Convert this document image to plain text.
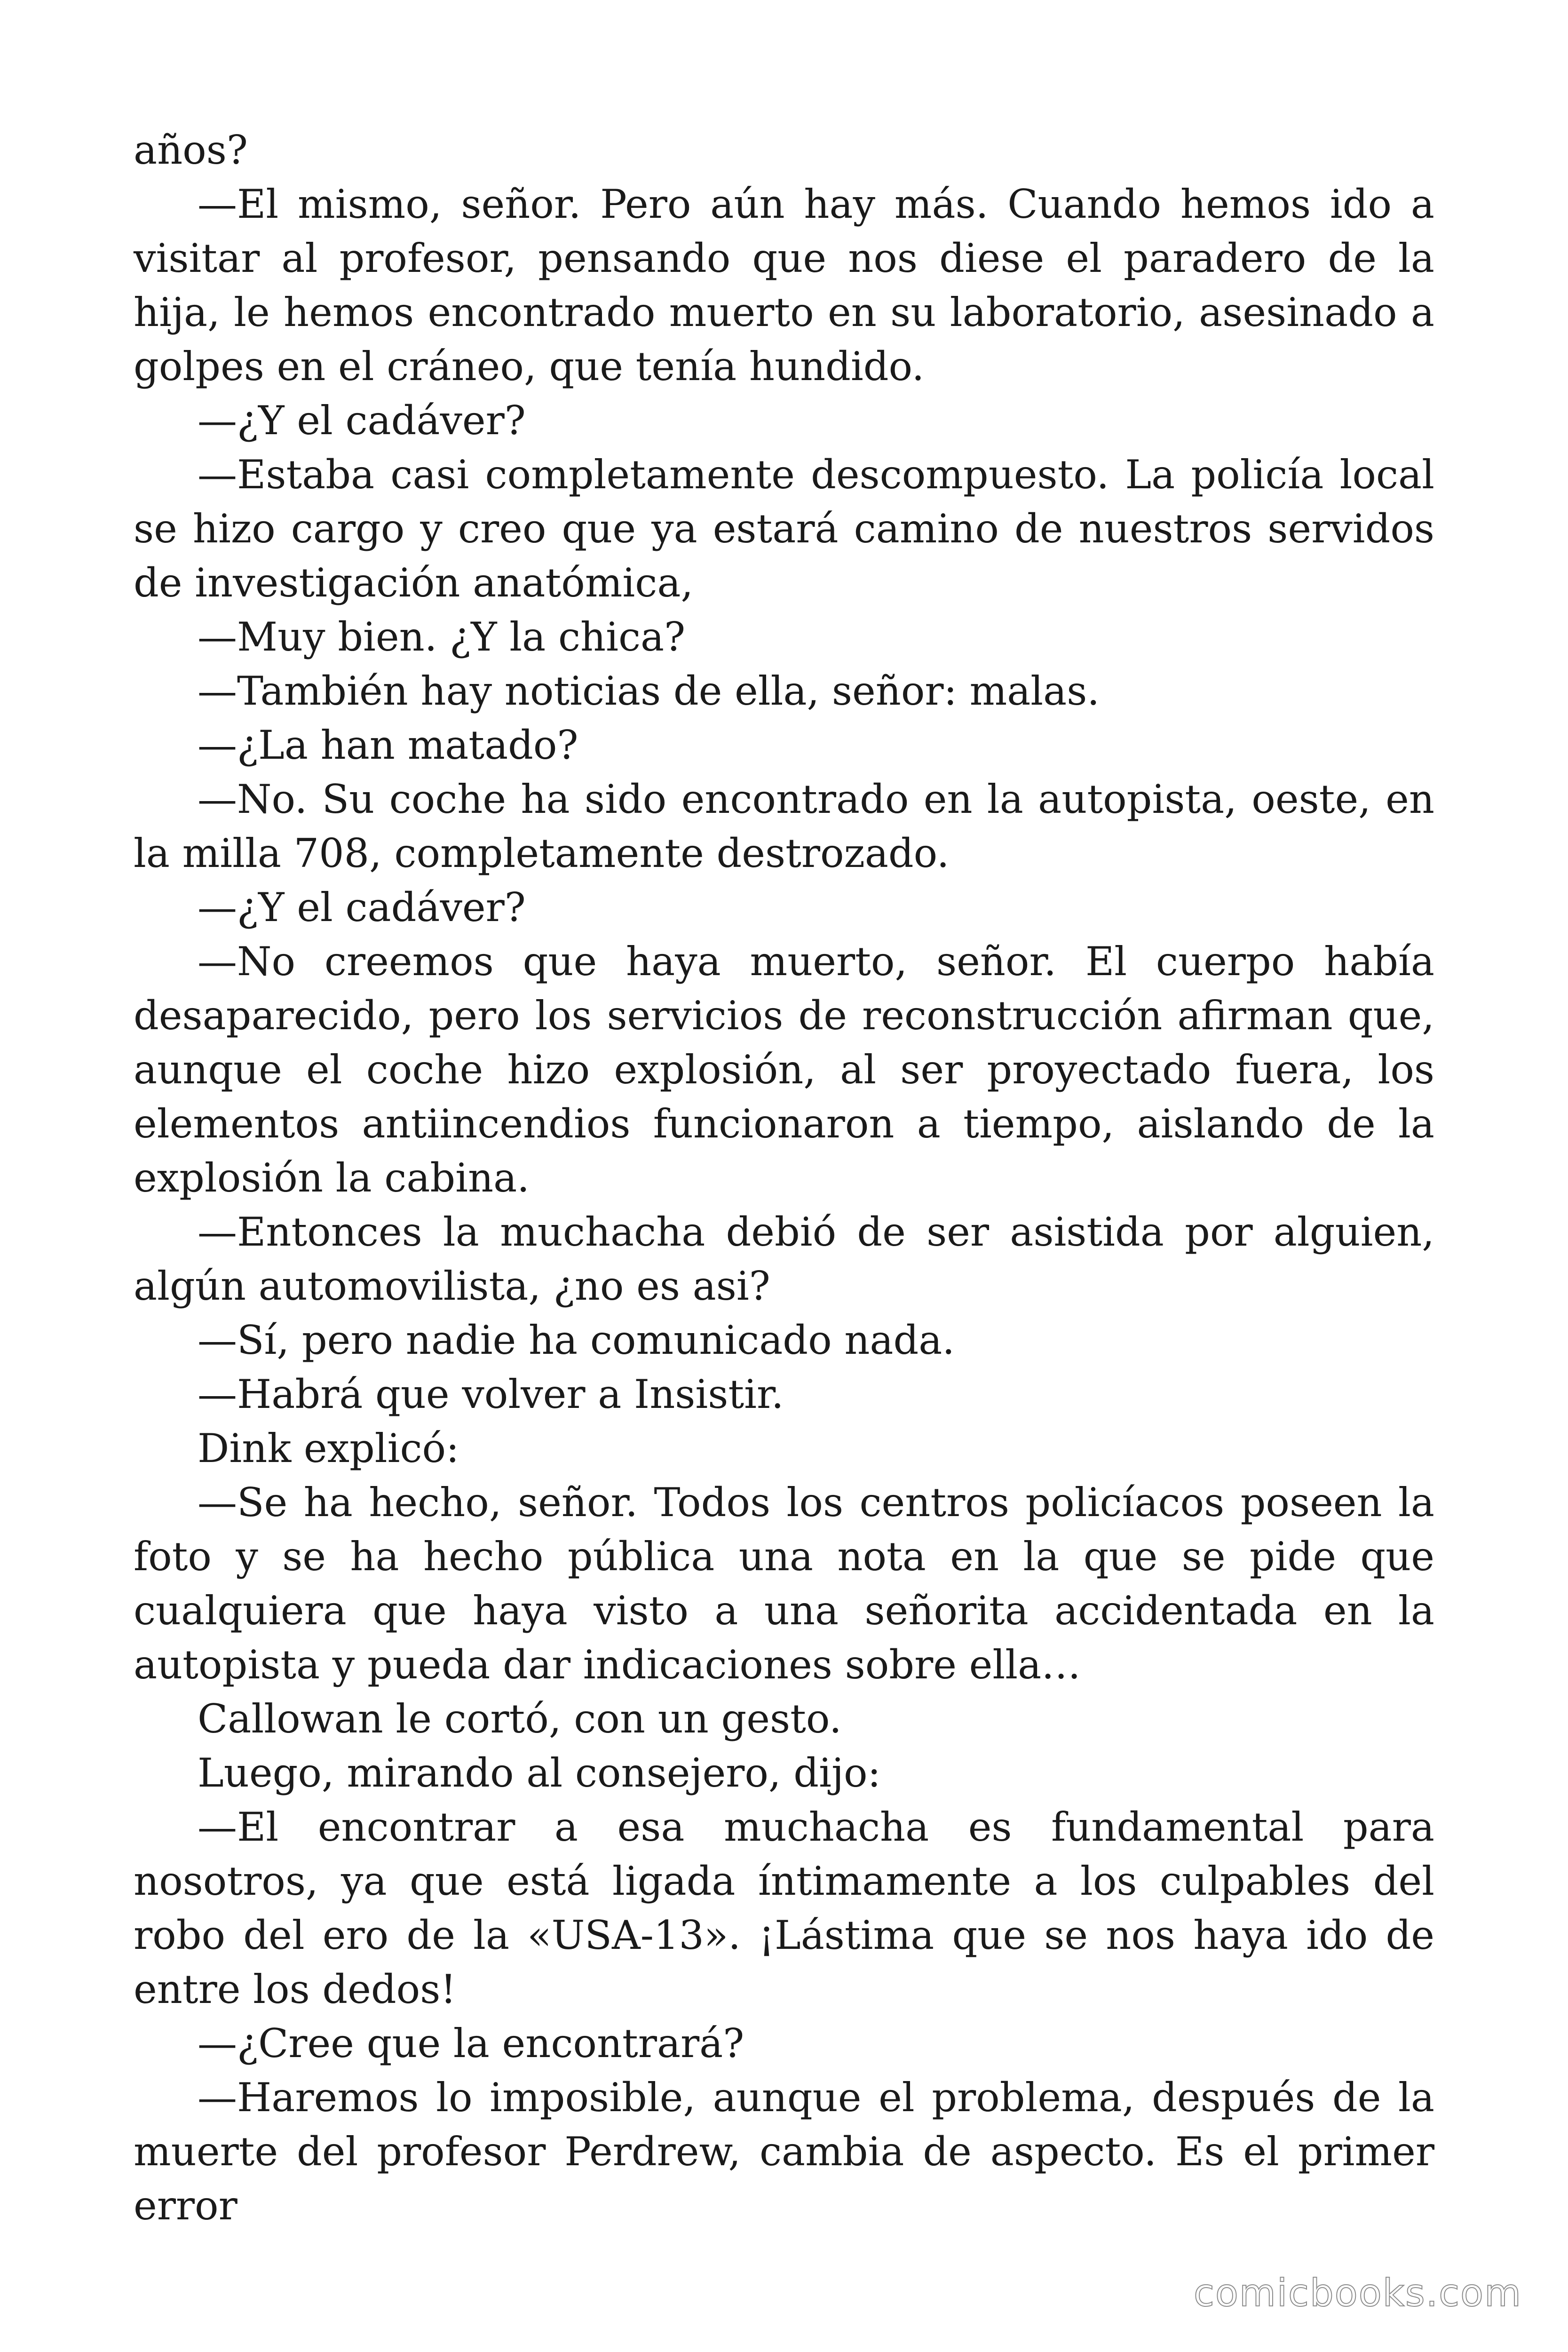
años?

—El mismo, señor. Pero aún hay más. Cuando hemos ido a visitar al profesor, pensando que nos diese el paradero de la hija, le hemos encontrado muerto en su laboratorio, asesinado a golpes en el cráneo, que tenía hundido.

—¿Y el cadáver?

—Estaba casi completamente descompuesto. La policía local se hizo cargo y creo que ya estará camino de nuestros servidos de investigación anatómica,

—Muy bien. ¿Y la chica?

—También hay noticias de ella, señor: malas.

—¿La han matado?

—No. Su coche ha sido encontrado en la autopista, oeste, en la milla 708, completamente destrozado.

—¿Y el cadáver?

—No creemos que haya muerto, señor. El cuerpo había desaparecido, pero los servicios de reconstrucción afirman que, aunque el coche hizo explosión, al ser proyectado fuera, los elementos antiincendios funcionaron a tiempo, aislando de la explosión la cabina.

—Entonces la muchacha debió de ser asistida por alguien, algún automovilista, ¿no es asi?

—Sí, pero nadie ha comunicado nada.

—Habrá que volver a Insistir.

Dink explicó:

—Se ha hecho, señor. Todos los centros policíacos poseen la foto y se ha hecho pública una nota en la que se pide que cualquiera que haya visto a una señorita accidentada en la autopista y pueda dar indicaciones sobre ella…

Callowan le cortó, con un gesto.

Luego, mirando al consejero, dijo:

—El encontrar a esa muchacha es fundamental para nosotros, ya que está ligada íntimamente a los culpables del robo del ero de la «USA-13». ¡Lástima que se nos haya ido de entre los dedos!

—¿Cree que la encontrará?

—Haremos lo imposible, aunque el problema, después de la muerte del profesor Perdrew, cambia de aspecto. Es el primer error

comicbooks.com
